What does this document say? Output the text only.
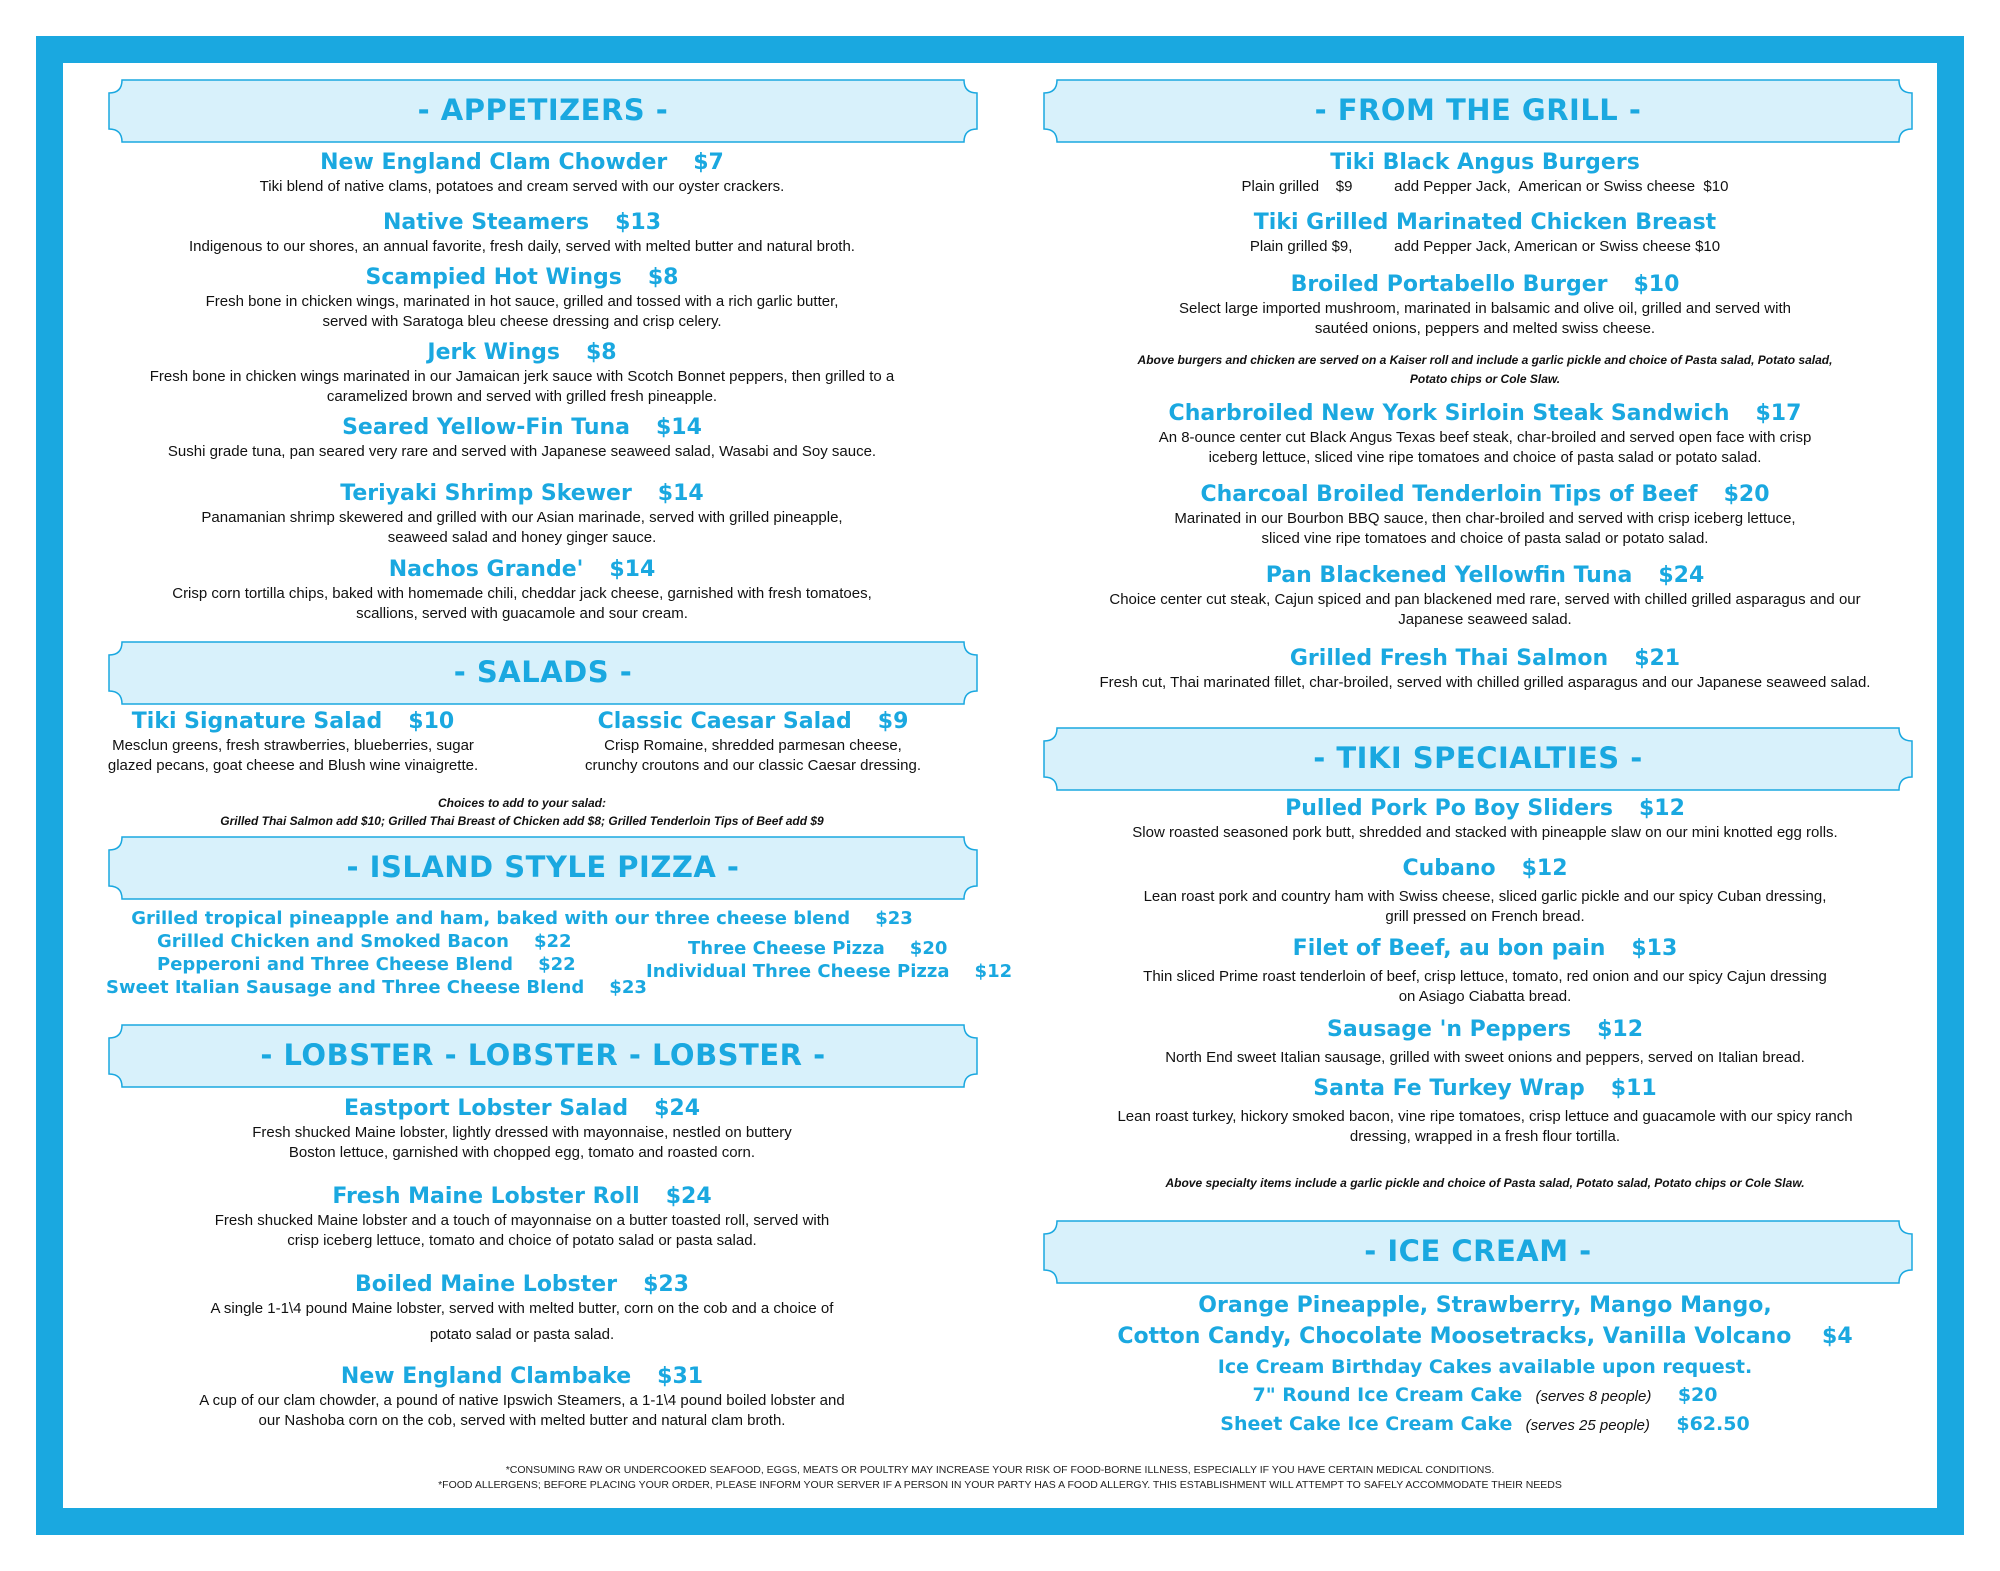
- APPETIZERS -
New England Clam Chowder $7
Tiki blend of native clams, potatoes and cream served with our oyster crackers.
Native Steamers $13
Indigenous to our shores, an annual favorite, fresh daily, served with melted butter and natural broth.
Scampied Hot Wings $8
Fresh bone in chicken wings, marinated in hot sauce, grilled and tossed with a rich garlic butter,
served with Saratoga bleu cheese dressing and crisp celery.
Jerk Wings $8
Fresh bone in chicken wings marinated in our Jamaican jerk sauce with Scotch Bonnet peppers, then grilled to a
caramelized brown and served with grilled fresh pineapple.
Seared Yellow-Fin Tuna $14
Sushi grade tuna, pan seared very rare and served with Japanese seaweed salad, Wasabi and Soy sauce.
Teriyaki Shrimp Skewer $14
Panamanian shrimp skewered and grilled with our Asian marinade, served with grilled pineapple,
seaweed salad and honey ginger sauce.
Nachos Grande' $14
Crisp corn tortilla chips, baked with homemade chili, cheddar jack cheese, garnished with fresh tomatoes,
scallions, served with guacamole and sour cream.
- SALADS -
Tiki Signature Salad $10
Mesclun greens, fresh strawberries, blueberries, sugar
glazed pecans, goat cheese and Blush wine vinaigrette.
Classic Caesar Salad $9
Crisp Romaine, shredded parmesan cheese,
crunchy croutons and our classic Caesar dressing.
Choices to add to your salad:
Grilled Thai Salmon add $10; Grilled Thai Breast of Chicken add $8; Grilled Tenderloin Tips of Beef add $9
- ISLAND STYLE PIZZA -
Grilled tropical pineapple and ham, baked with our three cheese blend    $23
Grilled Chicken and Smoked Bacon    $22
Pepperoni and Three Cheese Blend    $22
Sweet Italian Sausage and Three Cheese Blend    $23
Three Cheese Pizza    $20
Individual Three Cheese Pizza    $12
- LOBSTER - LOBSTER - LOBSTER -
Eastport Lobster Salad $24
Fresh shucked Maine lobster, lightly dressed with mayonnaise, nestled on buttery
Boston lettuce, garnished with chopped egg, tomato and roasted corn.
Fresh Maine Lobster Roll $24
Fresh shucked Maine lobster and a touch of mayonnaise on a butter toasted roll, served with
crisp iceberg lettuce, tomato and choice of potato salad or pasta salad.
Boiled Maine Lobster $23
A single 1-1\4 pound Maine lobster, served with melted butter, corn on the cob and a choice of
potato salad or pasta salad.
New England Clambake $31
A cup of our clam chowder, a pound of native Ipswich Steamers, a 1-1\4 pound boiled lobster and
our Nashoba corn on the cob, served with melted butter and natural clam broth.
- FROM THE GRILL -
Tiki Black Angus Burgers
Plain grilled    $9          add Pepper Jack,  American or Swiss cheese  $10
Tiki Grilled Marinated Chicken Breast
Plain grilled $9,          add Pepper Jack, American or Swiss cheese $10
Broiled Portabello Burger $10
Select large imported mushroom, marinated in balsamic and olive oil, grilled and served with
sautéed onions, peppers and melted swiss cheese.
Above burgers and chicken are served on a Kaiser roll and include a garlic pickle and choice of Pasta salad, Potato salad,
Potato chips or Cole Slaw.
Charbroiled New York Sirloin Steak Sandwich $17
An 8-ounce center cut Black Angus Texas beef steak, char-broiled and served open face with crisp
iceberg lettuce, sliced vine ripe tomatoes and choice of pasta salad or potato salad.
Charcoal Broiled Tenderloin Tips of Beef $20
Marinated in our Bourbon BBQ sauce, then char-broiled and served with crisp iceberg lettuce,
sliced vine ripe tomatoes and choice of pasta salad or potato salad.
Pan Blackened Yellowfin Tuna $24
Choice center cut steak, Cajun spiced and pan blackened med rare, served with chilled grilled asparagus and our
Japanese seaweed salad.
Grilled Fresh Thai Salmon $21
Fresh cut, Thai marinated fillet, char-broiled, served with chilled grilled asparagus and our Japanese seaweed salad.
- TIKI SPECIALTIES -
Pulled Pork Po Boy Sliders $12
Slow roasted seasoned pork butt, shredded and stacked with pineapple slaw on our mini knotted egg rolls.
Cubano $12
Lean roast pork and country ham with Swiss cheese, sliced garlic pickle and our spicy Cuban dressing,
grill pressed on French bread.
Filet of Beef, au bon pain $13
Thin sliced Prime roast tenderloin of beef, crisp lettuce, tomato, red onion and our spicy Cajun dressing
on Asiago Ciabatta bread.
Sausage 'n Peppers $12
North End sweet Italian sausage, grilled with sweet onions and peppers, served on Italian bread.
Santa Fe Turkey Wrap $11
Lean roast turkey, hickory smoked bacon, vine ripe tomatoes, crisp lettuce and guacamole with our spicy ranch
dressing, wrapped in a fresh flour tortilla.
Above specialty items include a garlic pickle and choice of Pasta salad, Potato salad, Potato chips or Cole Slaw.
- ICE CREAM -
Orange Pineapple, Strawberry, Mango Mango,
Cotton Candy, Chocolate Moosetracks, Vanilla Volcano    $4
Ice Cream Birthday Cakes available upon request.
7" Round Ice Cream Cake (serves 8 people) $20
Sheet Cake Ice Cream Cake (serves 25 people) $62.50
*CONSUMING RAW OR UNDERCOOKED SEAFOOD, EGGS, MEATS OR POULTRY MAY INCREASE YOUR RISK OF FOOD-BORNE ILLNESS, ESPECIALLY IF YOU HAVE CERTAIN MEDICAL CONDITIONS.
*FOOD ALLERGENS; BEFORE PLACING YOUR ORDER, PLEASE INFORM YOUR SERVER IF A PERSON IN YOUR PARTY HAS A FOOD ALLERGY. THIS ESTABLISHMENT WILL ATTEMPT TO SAFELY ACCOMMODATE THEIR NEEDS
